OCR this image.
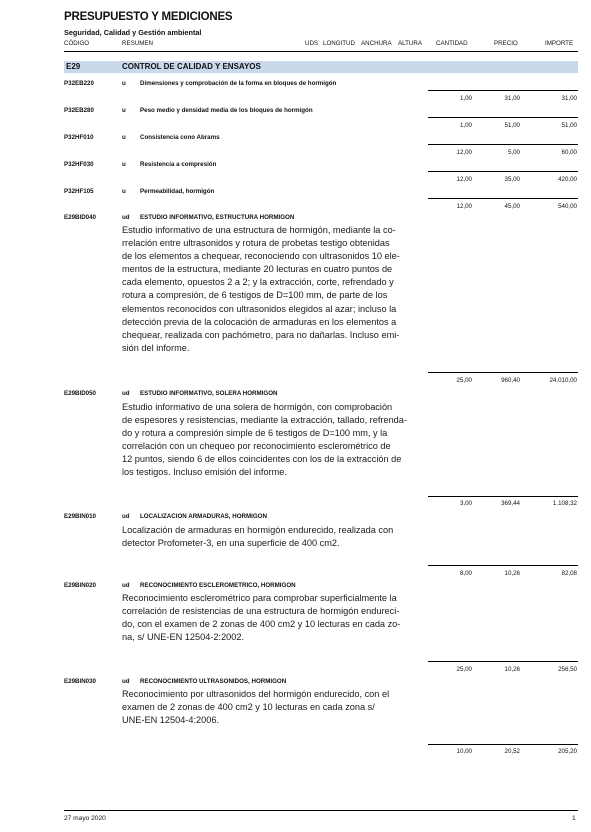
PRESUPUESTO Y MEDICIONES
Seguridad, Calidad y Gestión ambiental
CÓDIGO	RESUMEN	UDS LONGITUD ANCHURA ALTURA CANTIDAD	PRECIO	IMPORTE
E29	CONTROL DE CALIDAD Y ENSAYOS
P32EB220	u Dimensiones y comprobación de la forma en bloques de hormigón
1,00	31,00	31,00
P32EB280	u Peso medio y densidad media de los bloques de hormigón
1,00	51,00	51,00
P32HF010	u Consistencia cono Abrams
12,00	5,00	60,00
P32HF030	u Resistencia a compresión
12,00	35,00	420,00
P32HF105	u Permeabilidad, hormigón
12,00	45,00	540,00
E29BID040	ud ESTUDIO INFORMATIVO, ESTRUCTURA HORMIGON
Estudio informativo de una estructura de hormigón, mediante la co-
rrelación entre ultrasonidos y rotura de probetas testigo obtenidas
de los elementos a chequear, reconociendo con ultrasonidos 10 ele-
mentos de la estructura, mediante 20 lecturas en cuatro puntos de
cada elemento, opuestos 2 a 2; y la extracción, corte, refrendado y
rotura a compresión, de 6 testigos de D=100 mm, de parte de los
elementos reconocidos con ultrasonidos elegidos al azar; incluso la
detección previa de la colocación de armaduras en los elementos a
chequear, realizada con pachómetro, para no dañarlas. Incluso emi-
sión del informe.
25,00	960,40	24.010,00
E29BID050	ud ESTUDIO INFORMATIVO, SOLERA HORMIGON
Estudio informativo de una solera de hormigón, con comprobación
de espesores y resistencias, mediante la extracción, tallado, refrenda-
do y rotura a compresión simple de 6 testigos de D=100 mm, y la
correlación con un chequeo por reconocimiento esclerométrico de
12 puntos, siendo 6 de ellos coincidentes con los de la extracción de
los testigos. Incluso emisión del informe.
3,00	369,44	1.108,32
E29BIN010	ud LOCALIZACION ARMADURAS, HORMIGON
Localización de armaduras en hormigón endurecido, realizada con
detector Profometer-3, en una superficie de 400 cm2.
8,00	10,26	82,08
E29BIN020	ud RECONOCIMIENTO ESCLEROMETRICO, HORMIGON
Reconocimiento esclerométrico para comprobar superficialmente la
correlación de resistencias de una estructura de hormigón endureci-
do, con el examen de 2 zonas de 400 cm2 y 10 lecturas en cada zo-
na, s/ UNE-EN 12504-2:2002.
25,00	10,26	256,50
E29BIN030	ud RECONOCIMIENTO ULTRASONIDOS, HORMIGON
Reconocimiento por ultrasonidos del hormigón endurecido, con el
examen de 2 zonas de 400 cm2 y 10 lecturas en cada zona s/
UNE-EN 12504-4:2006.
10,00	20,52	205,20
27 mayo 2020	1
